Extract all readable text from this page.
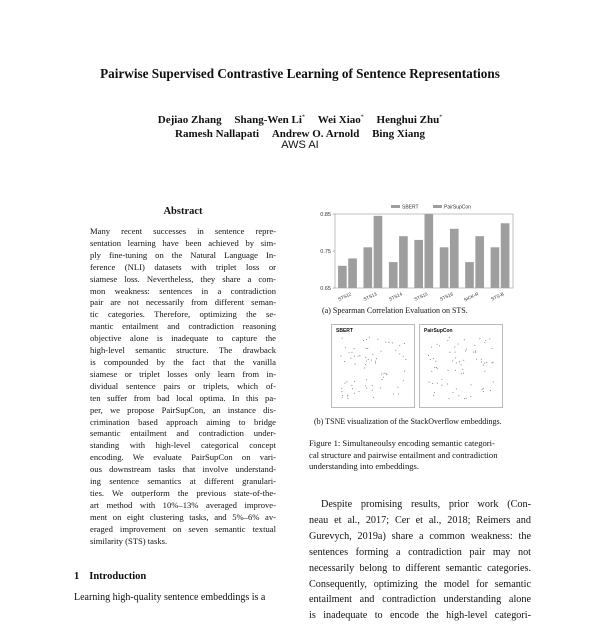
Pairwise Supervised Contrastive Learning of Sentence Representations
Dejiao Zhang Shang-Wen Li* Wei Xiao* Henghui Zhu*
Ramesh Nallapati Andrew O. Arnold Bing Xiang
AWS AI
Abstract
Many recent successes in sentence repre-
sentation learning have been achieved by sim-
ply fine-tuning on the Natural Language In-
ference (NLI) datasets with triplet loss or
siamese loss. Nevertheless, they share a com-
mon weakness: sentences in a contradiction
pair are not necessarily from different seman-
tic categories. Therefore, optimizing the se-
mantic entailment and contradiction reasoning
objective alone is inadequate to capture the
high-level semantic structure. The drawback
is compounded by the fact that the vanilla
siamese or triplet losses only learn from in-
dividual sentence pairs or triplets, which of-
ten suffer from bad local optima. In this pa-
per, we propose PairSupCon, an instance dis-
crimination based approach aiming to bridge
semantic entailment and contradiction under-
standing with high-level categorical concept
encoding. We evaluate PairSupCon on vari-
ous downstream tasks that involve understand-
ing sentence semantics at different granulari-
ties. We outperform the previous state-of-the-
art method with 10%–13% averaged improve-
ment on eight clustering tasks, and 5%–6% av-
eraged improvement on seven semantic textual
similarity (STS) tasks.
1 Introduction
Learning high-quality sentence embeddings is a
0.65
0.75
0.85
STS12 STS13 STS14 STS15 STS16 SICK-R STS-B
SBERT	PairSupCon
(a) Spearman Correlation Evaluation on STS.
SBERT	PairSupCon
(b) TSNE visualization of the StackOverflow embeddings.
Figure 1: Simultaneoulsy encoding semantic categori-
cal structure and pairwise entailment and contradiction
understanding into embeddings.
Despite promising results, prior work (Con-
neau et al., 2017; Cer et al., 2018; Reimers and
Gurevych, 2019a) share a common weakness: the
sentences forming a contradiction pair may not
necessarily belong to different semantic categories.
Consequently, optimizing the model for semantic
entailment and contradiction understanding alone
is inadequate to encode the high-level categori-
